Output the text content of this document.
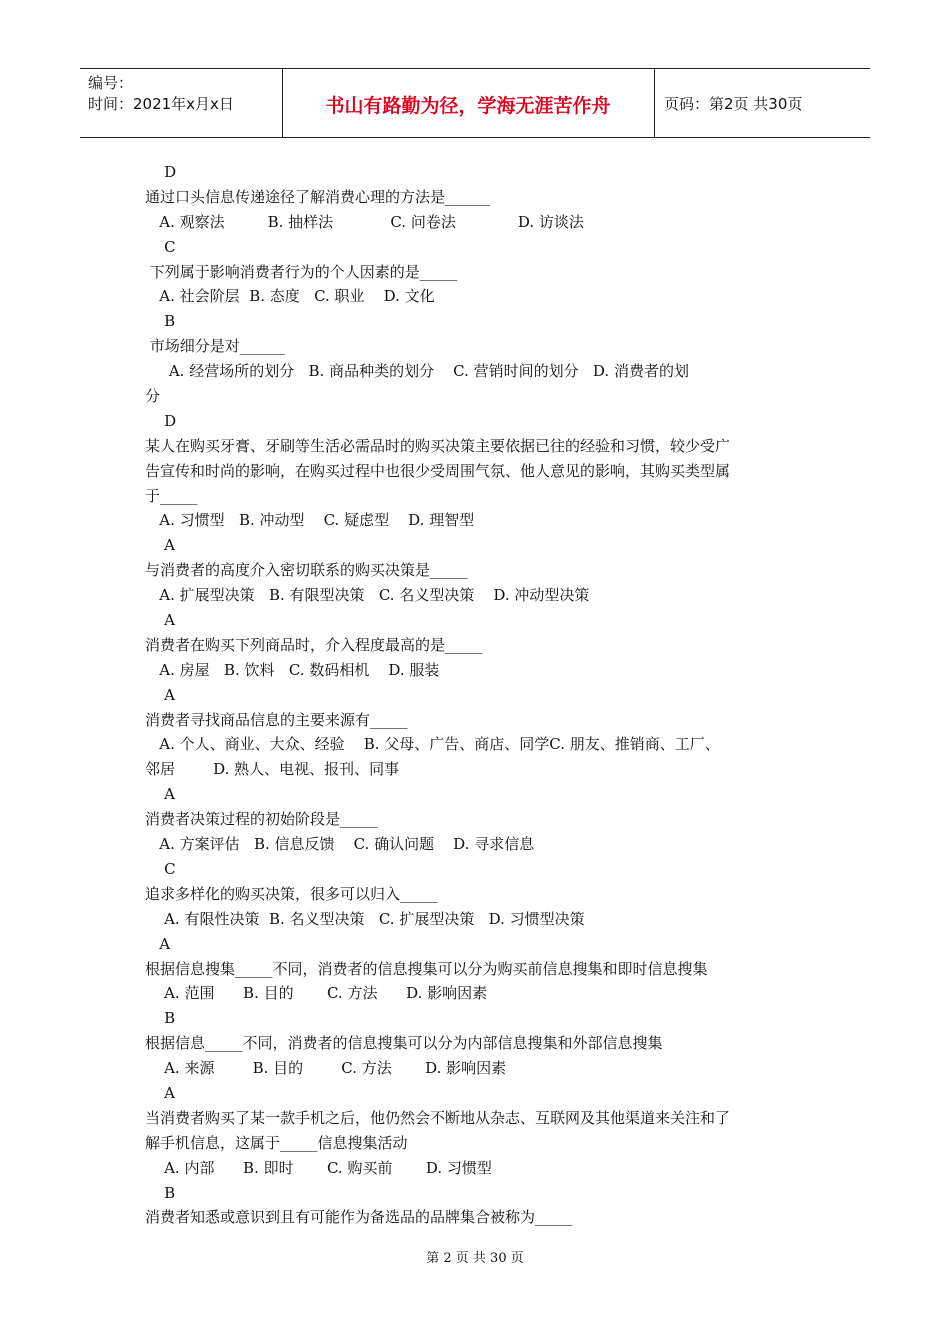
编号：
时间：2021年x月x日	书山有路勤为径，学海无涯苦作舟	页码：第2页 共30页
D
通过口头信息传递途径了解消费心理的方法是______
A. 观察法         B. 抽样法            C. 问卷法             D. 访谈法
C
下列属于影响消费者行为的个人因素的是_____
A. 社会阶层  B. 态度   C. 职业    D. 文化
B
市场细分是对______
A. 经营场所的划分   B. 商品种类的划分    C. 营销时间的划分   D. 消费者的划
分
D
某人在购买牙膏、牙刷等生活必需品时的购买决策主要依据已往的经验和习惯，较少受广
告宣传和时尚的影响，在购买过程中也很少受周围气氛、他人意见的影响，其购买类型属
于_____
A. 习惯型   B. 冲动型    C. 疑虑型    D. 理智型
A
与消费者的高度介入密切联系的购买决策是_____
A. 扩展型决策   B. 有限型决策   C. 名义型决策    D. 冲动型决策
A
消费者在购买下列商品时，介入程度最高的是_____
A. 房屋   B. 饮料   C. 数码相机    D. 服装
A
消费者寻找商品信息的主要来源有_____
A. 个人、商业、大众、经验    B. 父母、广告、商店、同学C. 朋友、推销商、工厂、
邻居        D. 熟人、电视、报刊、同事
A
消费者决策过程的初始阶段是_____
A. 方案评估   B. 信息反馈    C. 确认问题    D. 寻求信息
C
追求多样化的购买决策，很多可以归入_____
A. 有限性决策  B. 名义型决策   C. 扩展型决策   D. 习惯型决策
A
根据信息搜集_____不同，消费者的信息搜集可以分为购买前信息搜集和即时信息搜集
A. 范围      B. 目的       C. 方法      D. 影响因素
B
根据信息_____不同，消费者的信息搜集可以分为内部信息搜集和外部信息搜集
A. 来源        B. 目的        C. 方法       D. 影响因素
A
当消费者购买了某一款手机之后，他仍然会不断地从杂志、互联网及其他渠道来关注和了
解手机信息，这属于_____信息搜集活动
A. 内部      B. 即时       C. 购买前       D. 习惯型
B
消费者知悉或意识到且有可能作为备选品的品牌集合被称为_____
第 2 页 共 30 页
